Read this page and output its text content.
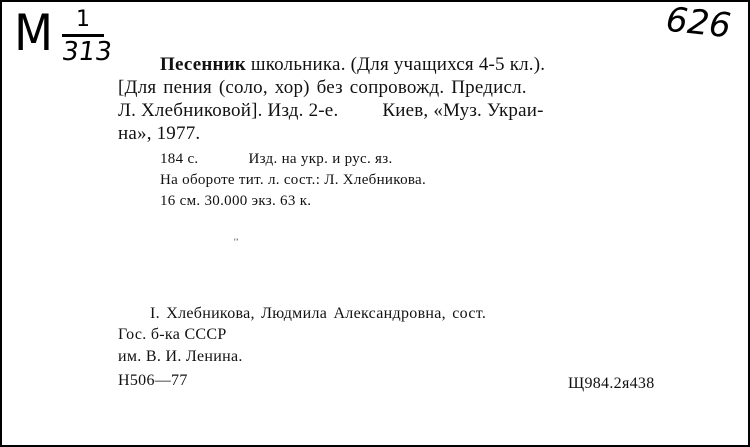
М	1
313
626
Песенник школьника. (Для учащихся 4-5 кл.).
[Для пения (соло, хор) без сопровожд. Предисл.
Л. Хлебниковой]. Изд. 2-е. Киев, «Муз. Украи-
на», 1977.
184 с.	Изд. на укр. и рус. яз.
На обороте тит. л. сост.: Л. Хлебникова.
16 см. 30.000 экз. 63 к.
'ʼ
I. Хлебникова, Людмила Александровна, сост.
Гос. б-ка СССР
им. В. И. Ленина.
Н506—77	Щ984.2я438
